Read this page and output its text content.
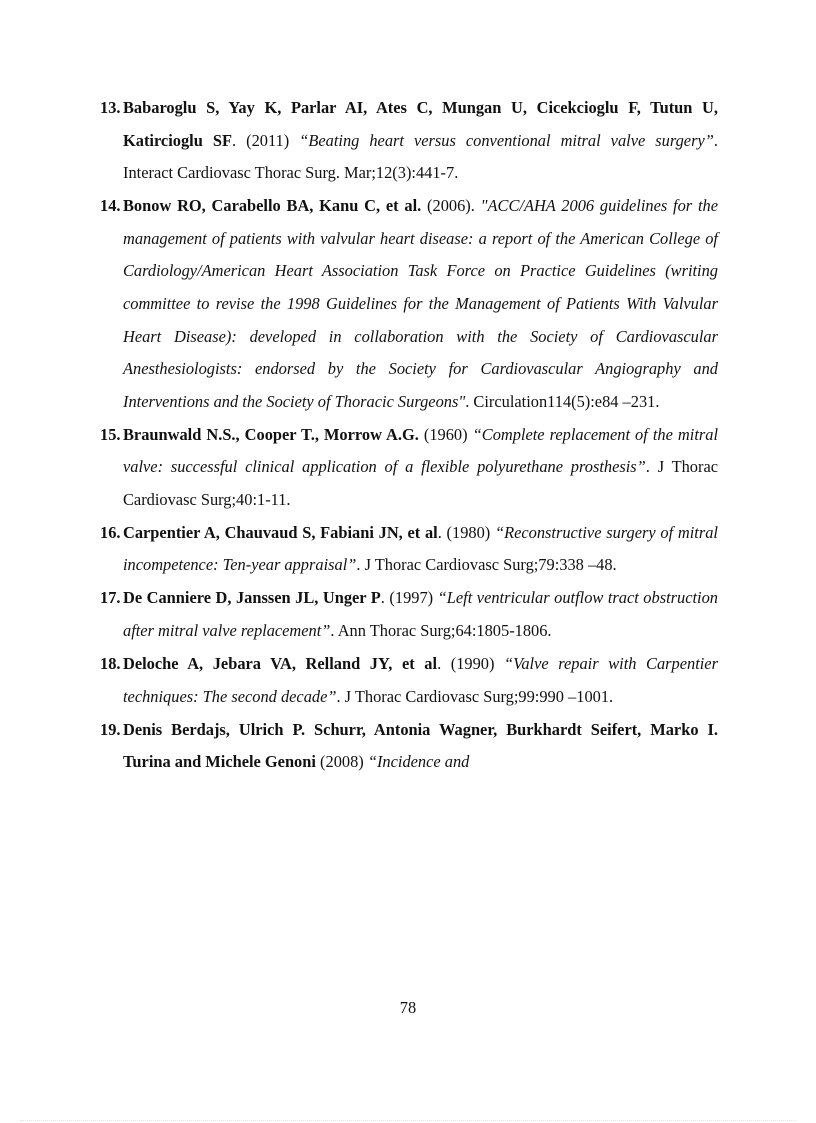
13. Babaroglu S, Yay K, Parlar AI, Ates C, Mungan U, Cicekcioglu F, Tutun U, Katircioglu SF. (2011) “Beating heart versus conventional mitral valve surgery”. Interact Cardiovasc Thorac Surg. Mar;12(3):441-7.
14. Bonow RO, Carabello BA, Kanu C, et al. (2006). "ACC/AHA 2006 guidelines for the management of patients with valvular heart disease: a report of the American College of Cardiology/American Heart Association Task Force on Practice Guidelines (writing committee to revise the 1998 Guidelines for the Management of Patients With Valvular Heart Disease): developed in collaboration with the Society of Cardiovascular Anesthesiologists: endorsed by the Society for Cardiovascular Angiography and Interventions and the Society of Thoracic Surgeons". Circulation114(5):e84 –231.
15. Braunwald N.S., Cooper T., Morrow A.G. (1960) “Complete replacement of the mitral valve: successful clinical application of a flexible polyurethane prosthesis”. J Thorac Cardiovasc Surg;40:1-11.
16. Carpentier A, Chauvaud S, Fabiani JN, et al. (1980) “Reconstructive surgery of mitral incompetence: Ten-year appraisal”. J Thorac Cardiovasc Surg;79:338 –48.
17. De Canniere D, Janssen JL, Unger P. (1997) “Left ventricular outflow tract obstruction after mitral valve replacement”. Ann Thorac Surg;64:1805-1806.
18. Deloche A, Jebara VA, Relland JY, et al. (1990) “Valve repair with Carpentier techniques: The second decade”. J Thorac Cardiovasc Surg;99:990 –1001.
19. Denis Berdajs, Ulrich P. Schurr, Antonia Wagner, Burkhardt Seifert, Marko I. Turina and Michele Genoni (2008) “Incidence and
78
